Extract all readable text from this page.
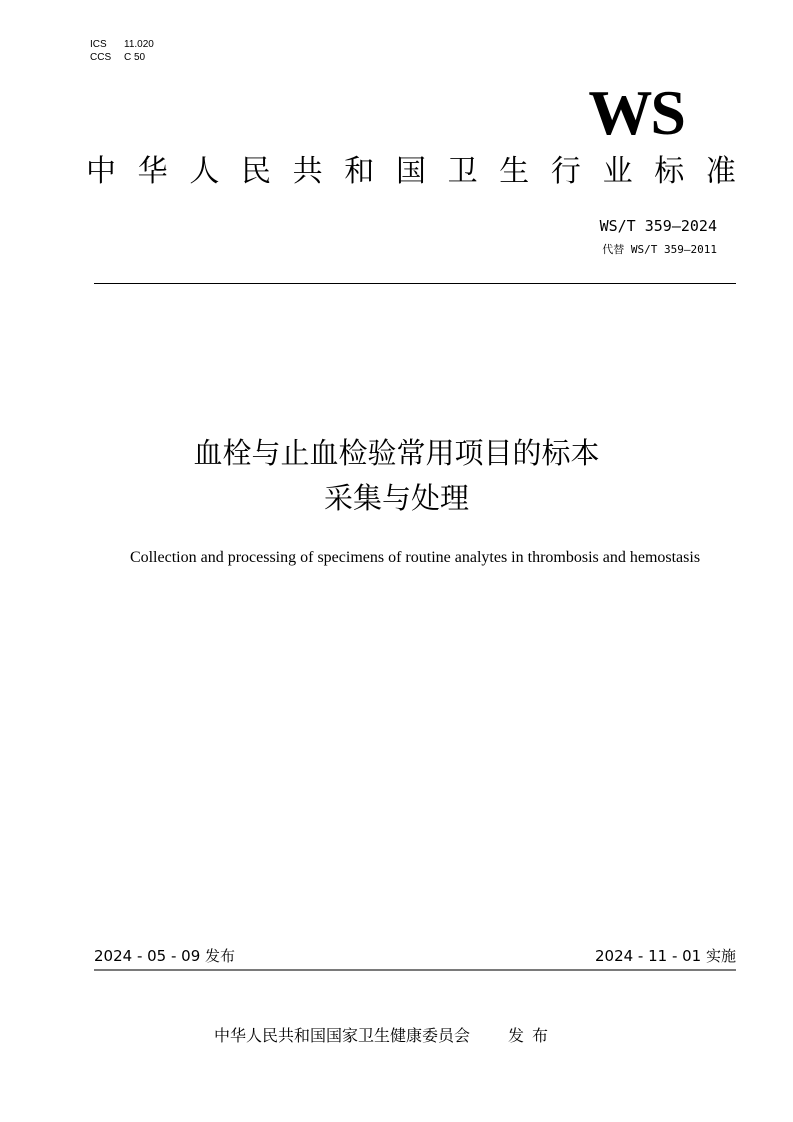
ICS	11.020
CCS	C 50
WS
中 华 人 民 共 和 国 卫 生 行 业 标 准
WS/T 359—2024
代替 WS/T 359—2011
血栓与止血检验常用项目的标本
采集与处理
Collection and processing of specimens of routine analytes in thrombosis and hemostasis
2024 - 05 - 09 发布	2024 - 11 - 01 实施
中华人民共和国国家卫生健康委员会 发布
